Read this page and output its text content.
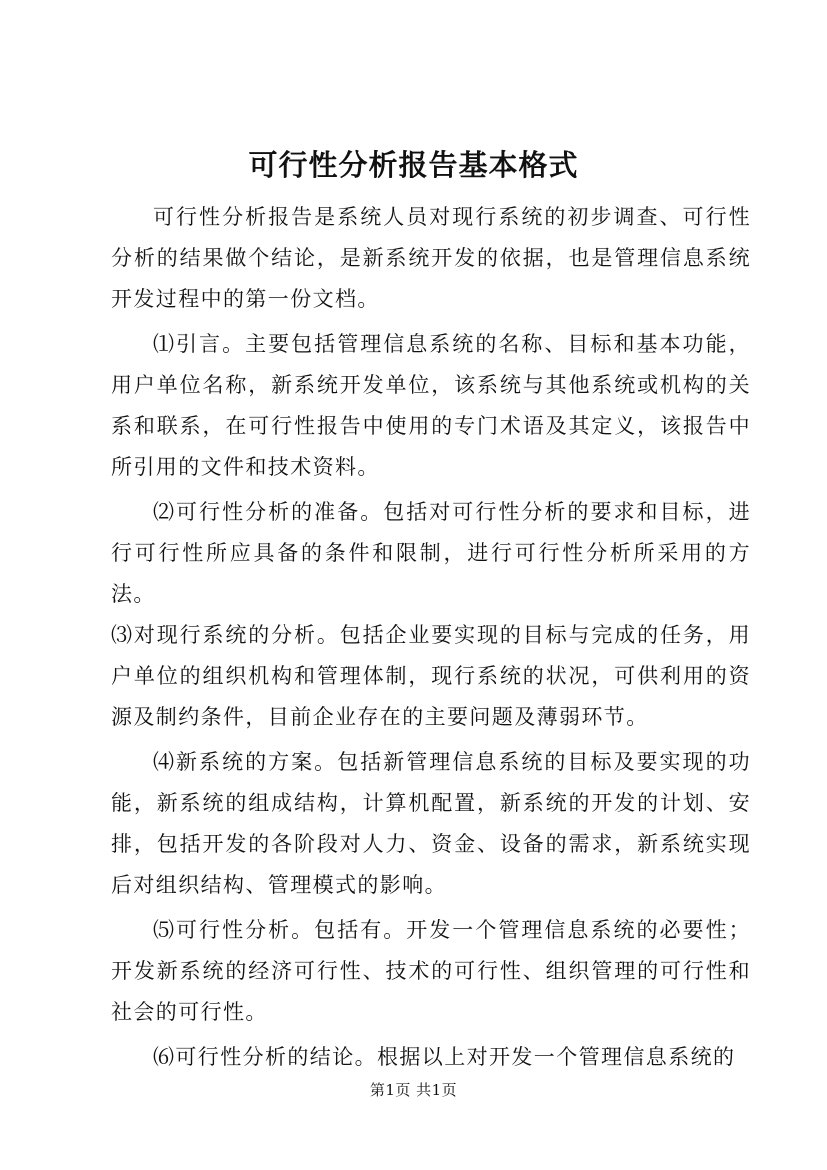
可行性分析报告基本格式

可行性分析报告是系统人员对现行系统的初步调查、可行性分析的结果做个结论，是新系统开发的依据，也是管理信息系统开发过程中的第一份文档。

⑴引言。主要包括管理信息系统的名称、目标和基本功能，用户单位名称，新系统开发单位，该系统与其他系统或机构的关系和联系，在可行性报告中使用的专门术语及其定义，该报告中所引用的文件和技术资料。

⑵可行性分析的准备。包括对可行性分析的要求和目标，进行可行性所应具备的条件和限制，进行可行性分析所采用的方法。

⑶对现行系统的分析。包括企业要实现的目标与完成的任务，用户单位的组织机构和管理体制，现行系统的状况，可供利用的资源及制约条件，目前企业存在的主要问题及薄弱环节。

⑷新系统的方案。包括新管理信息系统的目标及要实现的功能，新系统的组成结构，计算机配置，新系统的开发的计划、安排，包括开发的各阶段对人力、资金、设备的需求，新系统实现后对组织结构、管理模式的影响。

⑸可行性分析。包括有。开发一个管理信息系统的必要性；开发新系统的经济可行性、技术的可行性、组织管理的可行性和社会的可行性。

⑹可行性分析的结论。根据以上对开发一个管理信息系统的

第1页 共1页
